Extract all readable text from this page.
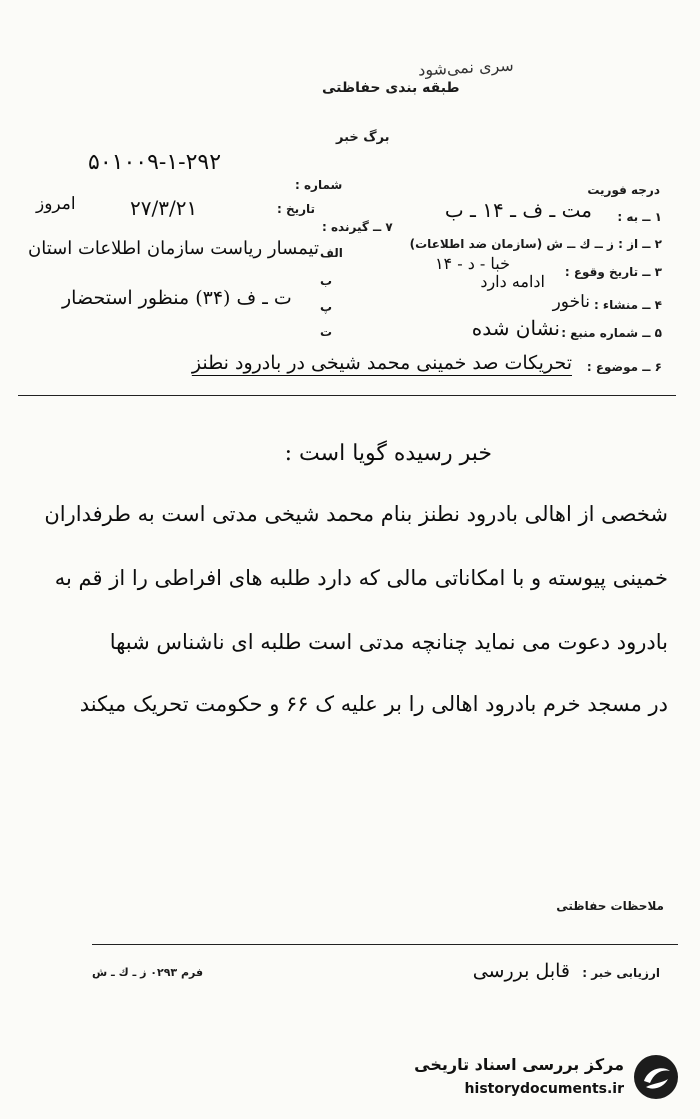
سری نمی‌شود
طبقه بندی حفاظتی
برگ خبر
شماره :
۵۰۱۰۰۹-۱-۲۹۲
تاریخ :
۲۷/۳/۲۱
امروز
درجه فوریت
۱ ــ به :
مت ـ ف ـ ۱۴ ـ ب
۲ ــ از : ز ــ ك ــ ش (سازمان ضد اطلاعات)
خبا - د - ۱۴	۳ ــ تاريخ وقوع :
ادامه دارد
۴ ــ منشاء :
ناخور
۵ ــ شماره منبع :
نشان شده
۶ ــ موضوع :
تحریکات صد خمینی محمد شیخی در بادرود نطنز
۷ ــ گیرنده :
الف
تیمسار ریاست سازمان اطلاعات استان
ب
ت ـ ف (۳۴) منظور استحضار پ
ت
خبر رسیده گویا است :
شخصی از اهالی بادرود نطنز بنام محمد شیخی مدتی است به طرفداران
خمینی پیوسته و با امکاناتی مالی که دارد طلبه های افراطی را از قم به
بادرود دعوت می نماید چنانچه مدتی است طلبه ای ناشناس شبها
در مسجد خرم بادرود اهالی را بر علیه ک ۶۶ و حکومت تحریک میکند
ملاحظات حفاظتی
ارزیابی خبر :
قابل بررسی
فرم ۰۲۹۳ ز ـ ك ـ ش
مرکز بررسی اسناد تاریخی
historydocuments.ir
